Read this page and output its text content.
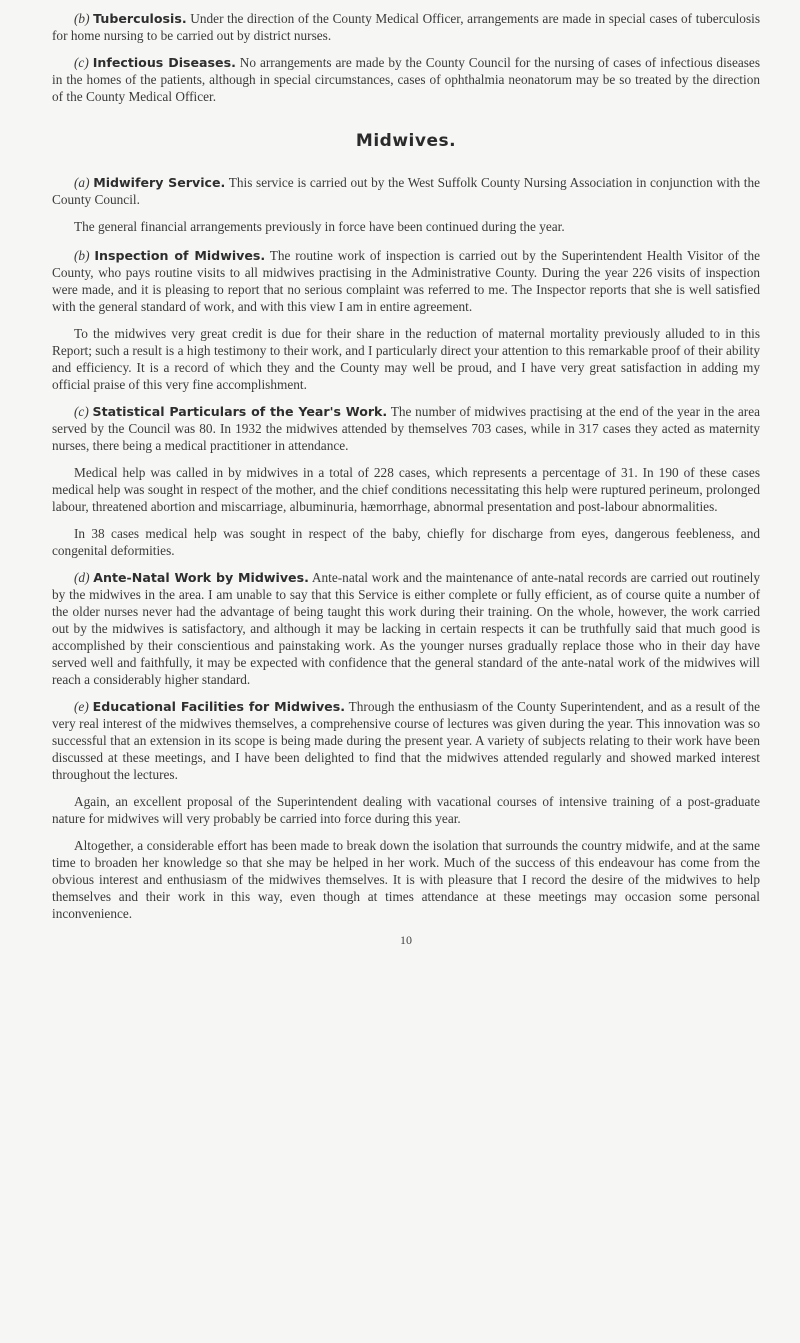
(b) Tuberculosis. Under the direction of the County Medical Officer, arrangements are made in special cases of tuberculosis for home nursing to be carried out by district nurses.

(c) Infectious Diseases. No arrangements are made by the County Council for the nursing of cases of infectious diseases in the homes of the patients, although in special circumstances, cases of ophthalmia neonatorum may be so treated by the direction of the County Medical Officer.

Midwives.

(a) Midwifery Service. This service is carried out by the West Suffolk County Nursing Association in conjunction with the County Council.

The general financial arrangements previously in force have been continued during the year.

(b) Inspection of Midwives. The routine work of inspection is carried out by the Superintendent Health Visitor of the County, who pays routine visits to all midwives practising in the Administrative County. During the year 226 visits of inspection were made, and it is pleasing to report that no serious complaint was referred to me. The Inspector reports that she is well satisfied with the general standard of work, and with this view I am in entire agreement.

To the midwives very great credit is due for their share in the reduction of maternal mortality previously alluded to in this Report; such a result is a high testimony to their work, and I particularly direct your attention to this remarkable proof of their ability and efficiency. It is a record of which they and the County may well be proud, and I have very great satisfaction in adding my official praise of this very fine accomplishment.

(c) Statistical Particulars of the Year's Work. The number of midwives practising at the end of the year in the area served by the Council was 80. In 1932 the midwives attended by themselves 703 cases, while in 317 cases they acted as maternity nurses, there being a medical practitioner in attendance.

Medical help was called in by midwives in a total of 228 cases, which represents a percentage of 31. In 190 of these cases medical help was sought in respect of the mother, and the chief conditions necessitating this help were ruptured perineum, prolonged labour, threatened abortion and miscarriage, albuminuria, hæmorrhage, abnormal presentation and post-labour abnormalities.

In 38 cases medical help was sought in respect of the baby, chiefly for discharge from eyes, dangerous feebleness, and congenital deformities.

(d) Ante-Natal Work by Midwives. Ante-natal work and the maintenance of ante-natal records are carried out routinely by the midwives in the area. I am unable to say that this Service is either complete or fully efficient, as of course quite a number of the older nurses never had the advantage of being taught this work during their training. On the whole, however, the work carried out by the midwives is satisfactory, and although it may be lacking in certain respects it can be truthfully said that much good is accomplished by their conscientious and painstaking work. As the younger nurses gradually replace those who in their day have served well and faithfully, it may be expected with confidence that the general standard of the ante-natal work of the midwives will reach a considerably higher standard.

(e) Educational Facilities for Midwives. Through the enthusiasm of the County Superintendent, and as a result of the very real interest of the midwives themselves, a comprehensive course of lectures was given during the year. This innovation was so successful that an extension in its scope is being made during the present year. A variety of subjects relating to their work have been discussed at these meetings, and I have been delighted to find that the midwives attended regularly and showed marked interest throughout the lectures.

Again, an excellent proposal of the Superintendent dealing with vacational courses of intensive training of a post-graduate nature for midwives will very probably be carried into force during this year.

Altogether, a considerable effort has been made to break down the isolation that surrounds the country midwife, and at the same time to broaden her knowledge so that she may be helped in her work. Much of the success of this endeavour has come from the obvious interest and enthusiasm of the midwives themselves. It is with pleasure that I record the desire of the midwives to help themselves and their work in this way, even though at times attendance at these meetings may occasion some personal inconvenience.

10
